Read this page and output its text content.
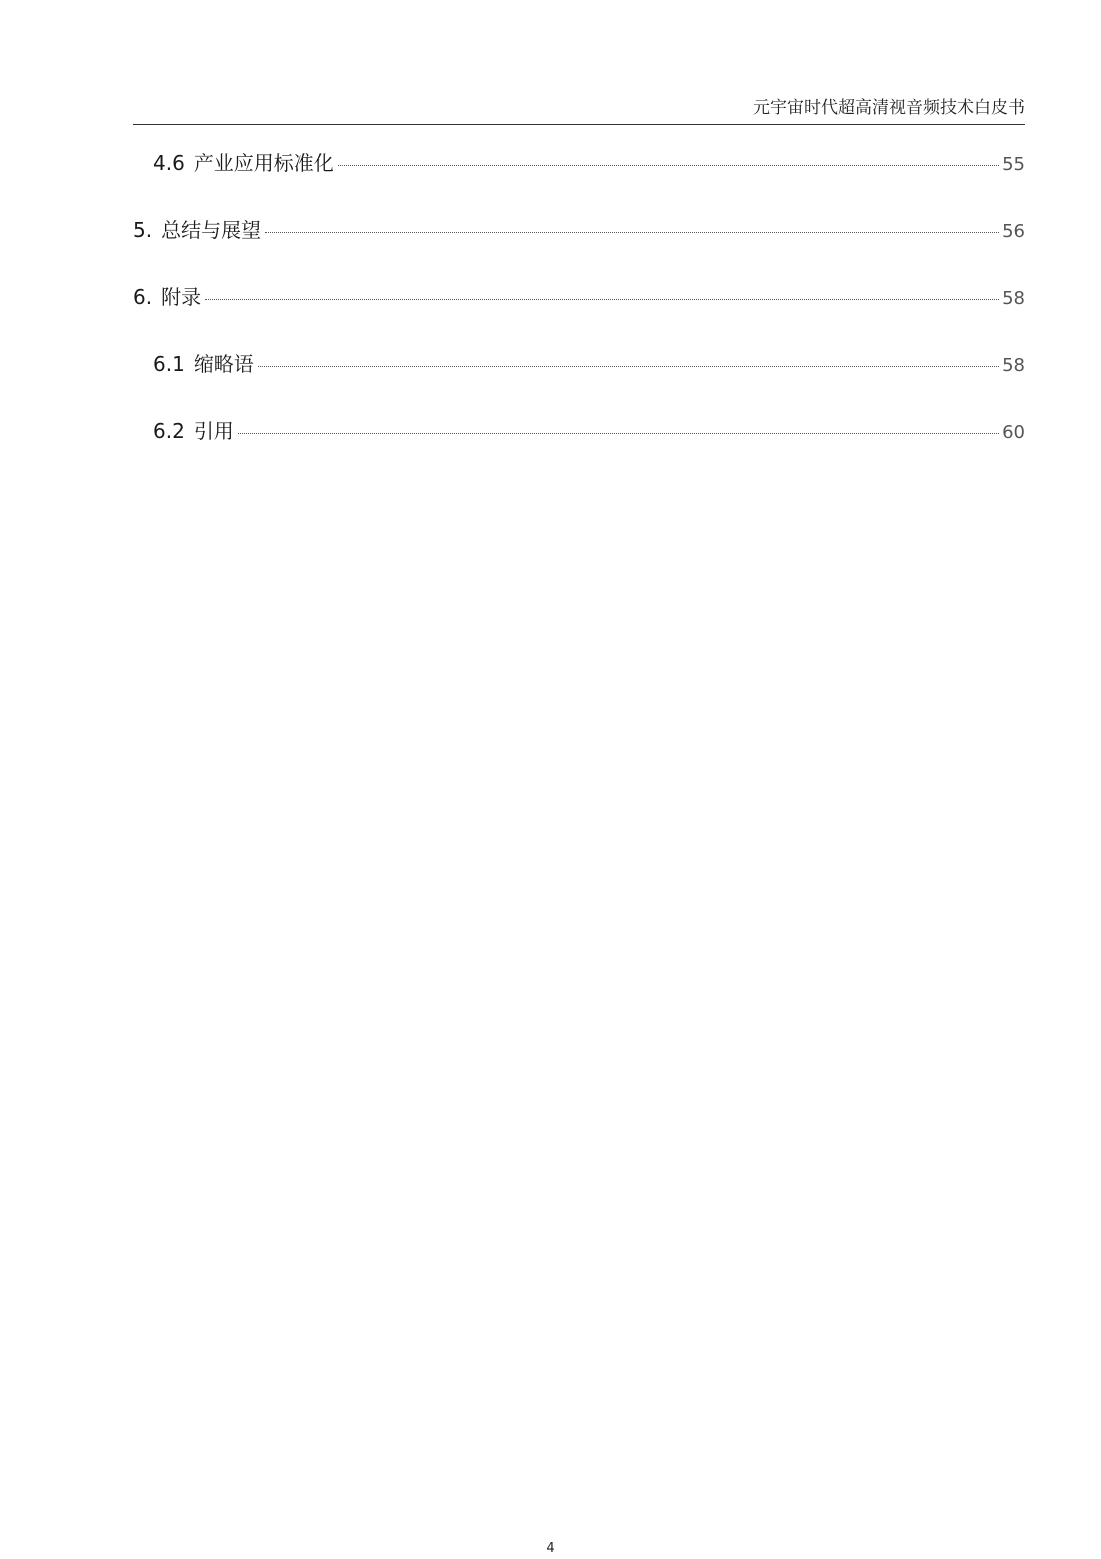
元宇宙时代超高清视音频技术白皮书
4.6 产业应用标准化	55
5. 总结与展望	56
6. 附录	58
6.1 缩略语	58
6.2 引用	60
4
